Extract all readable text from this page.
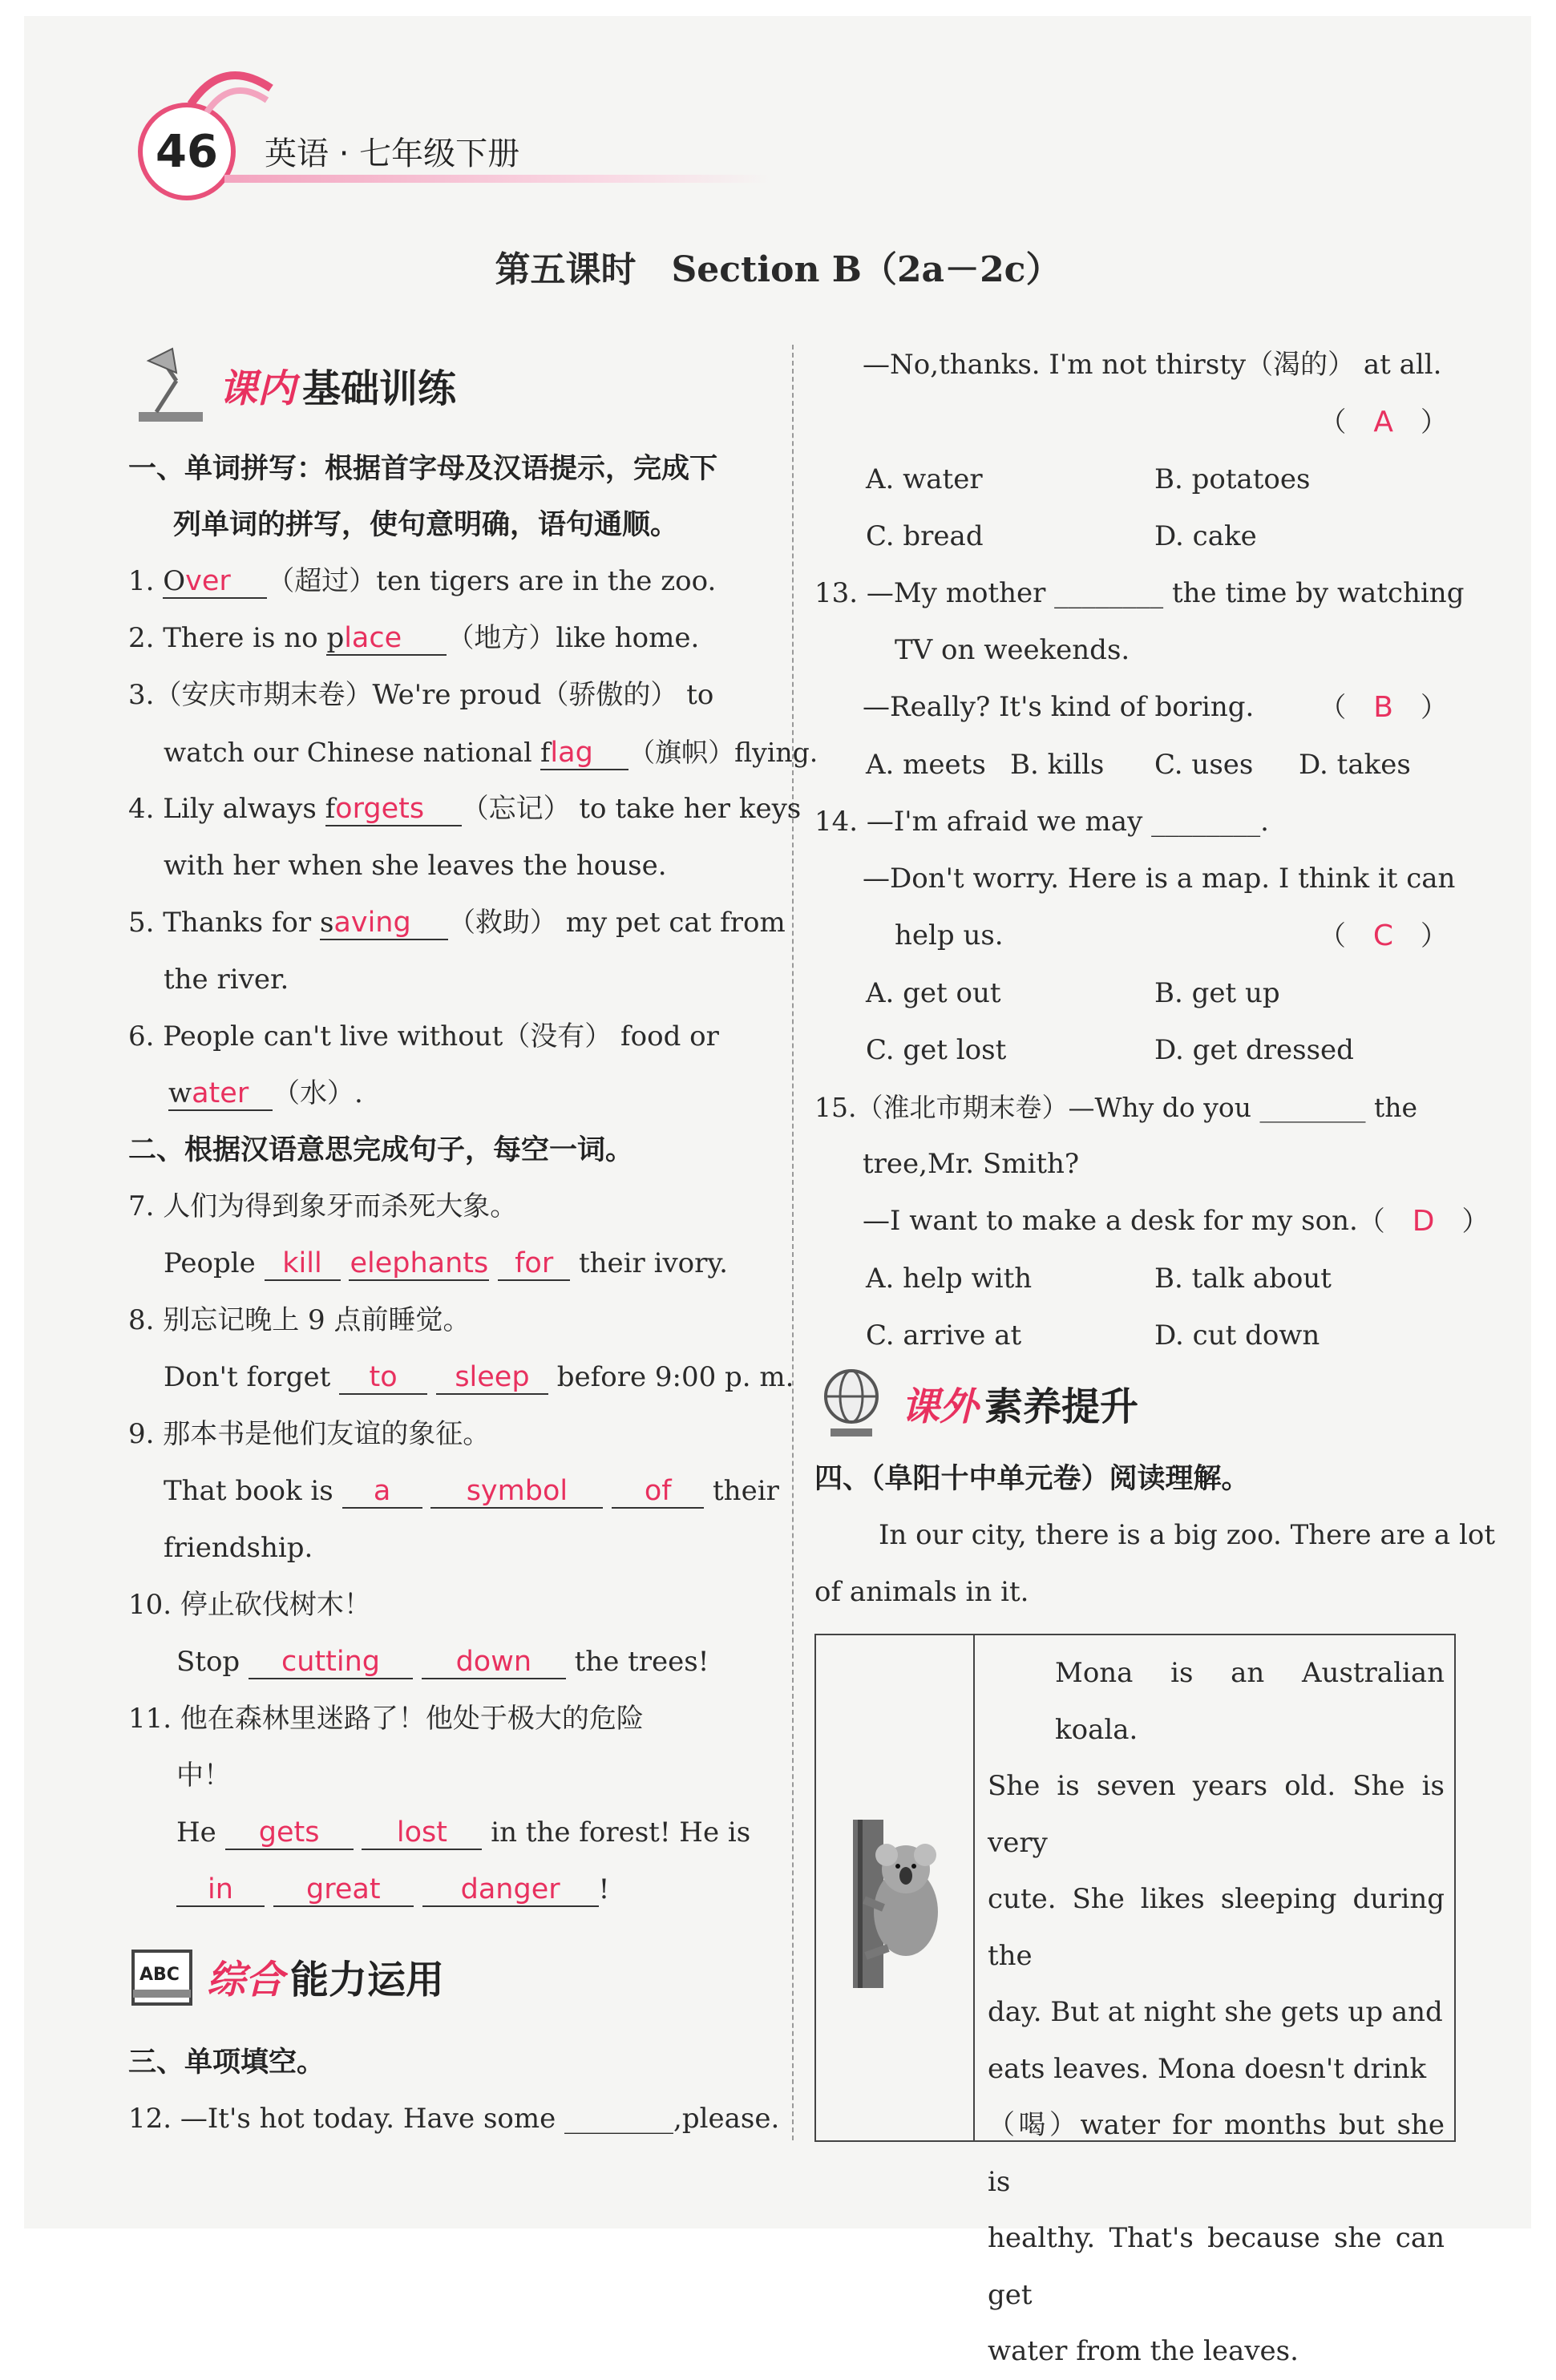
46 英语 · 七年级下册
第五课时　Section B（2a－2c）
课内 基础训练
一、单词拼写：根据首字母及汉语提示，完成下
列单词的拼写，使句意明确，语句通顺。
1. Over （超过）ten tigers are in the zoo.
2. There is no place （地方）like home.
3.（安庆市期末卷）We're proud（骄傲的） to
watch our Chinese national flag （旗帜）flying.
4. Lily always forgets （忘记） to take her keys
with her when she leaves the house.
5. Thanks for saving （救助） my pet cat from
the river.
6. People can't live without（没有） food or
water （水）.
二、根据汉语意思完成句子，每空一词。
7. 人们为得到象牙而杀死大象。
People kill elephants for their ivory.
8. 别忘记晚上 9 点前睡觉。
Don't forget to sleep before 9:00 p. m.
9. 那本书是他们友谊的象征。
That book is a	symbol	of their
friendship.
10. 停止砍伐树木！
Stop cutting	down the trees!
11. 他在森林里迷路了！他处于极大的危险
中！
He gets	lost in the forest! He is
in	great	danger !
ABC 综合 能力运用
三、单项填空。
12. —It's hot today. Have some ________,please.
—No,thanks. I'm not thirsty（渴的） at all.
（　A　）
A. water	B. potatoes
C. bread	D. cake
13. —My mother ________ the time by watching
TV on weekends.
—Really? It's kind of boring. （　B　）
A. meets B. kills	C. uses	D. takes
14. —I'm afraid we may ________.
—Don't worry. Here is a map. I think it can
help us.	（　C　）
A. get out	B. get up
C. get lost	D. get dressed
15.（淮北市期末卷）—Why do you ________ the
tree,Mr. Smith?
—I want to make a desk for my son. （　D　）
A. help with	B. talk about
C. arrive at	D. cut down
课外 素养提升
四、（阜阳十中单元卷）阅读理解。
In our city, there is a big zoo. There are a lot
of animals in it.
Mona is an Australian koala.
She is seven years old. She is very
cute. She likes sleeping during the
day. But at night she gets up and
eats leaves. Mona doesn't drink
（喝）water for months but she is
healthy. That's because she can get
water from the leaves.
